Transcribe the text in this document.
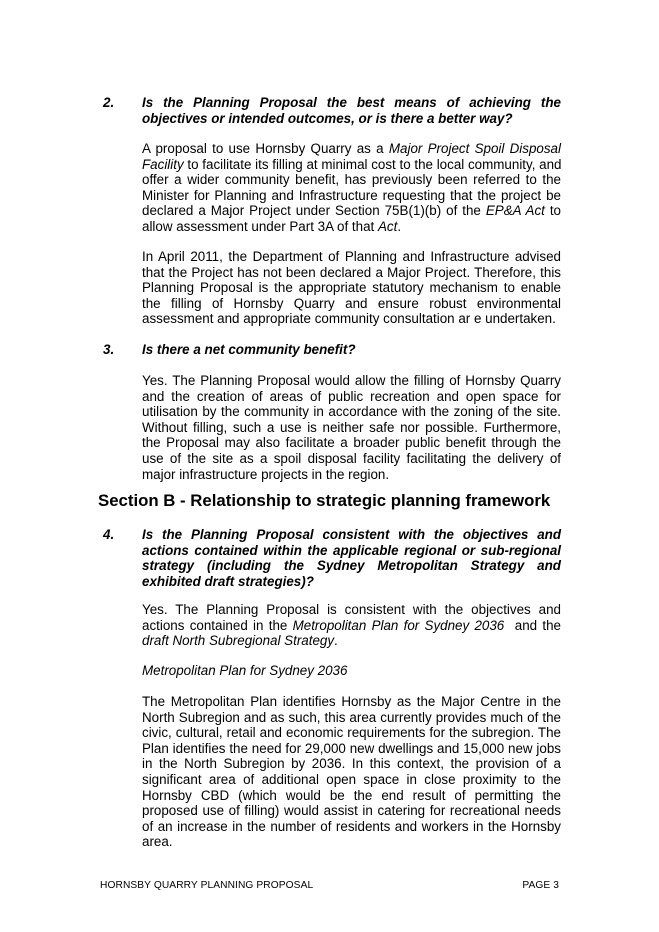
2.	Is the Planning Proposal the best means of achieving the
objectives or intended outcomes, or is there a better way?
A proposal to use Hornsby Quarry as a Major Project Spoil Disposal
Facility to facilitate its filling at minimal cost to the local community, and
offer a wider community benefit, has previously been referred to the
Minister for Planning and Infrastructure requesting that the project be
declared a Major Project under Section 75B(1)(b) of the EP&A Act to
allow assessment under Part 3A of that Act.
In April 2011, the Department of Planning and Infrastructure advised
that the Project has not been declared a Major Project. Therefore, this
Planning Proposal is the appropriate statutory mechanism to enable
the filling of Hornsby Quarry and ensure robust environmental
assessment and appropriate community consultation ar e undertaken.
3.	Is there a net community benefit?
Yes. The Planning Proposal would allow the filling of Hornsby Quarry
and the creation of areas of public recreation and open space for
utilisation by the community in accordance with the zoning of the site.
Without filling, such a use is neither safe nor possible. Furthermore,
the Proposal may also facilitate a broader public benefit through the
use of the site as a spoil disposal facility facilitating the delivery of
major infrastructure projects in the region.
Section B - Relationship to strategic planning framework
4.	Is the Planning Proposal consistent with the objectives and
actions contained within the applicable regional or sub-regional
strategy (including the Sydney Metropolitan Strategy and
exhibited draft strategies)?
Yes. The Planning Proposal is consistent with the objectives and
actions contained in the Metropolitan Plan for Sydney 2036  and the
draft North Subregional Strategy.
Metropolitan Plan for Sydney 2036
The Metropolitan Plan identifies Hornsby as the Major Centre in the
North Subregion and as such, this area currently provides much of the
civic, cultural, retail and economic requirements for the subregion. The
Plan identifies the need for 29,000 new dwellings and 15,000 new jobs
in the North Subregion by 2036. In this context, the provision of a
significant area of additional open space in close proximity to the
Hornsby CBD (which would be the end result of permitting the
proposed use of filling) would assist in catering for recreational needs
of an increase in the number of residents and workers in the Hornsby
area.
HORNSBY QUARRY PLANNING PROPOSAL	PAGE 3
